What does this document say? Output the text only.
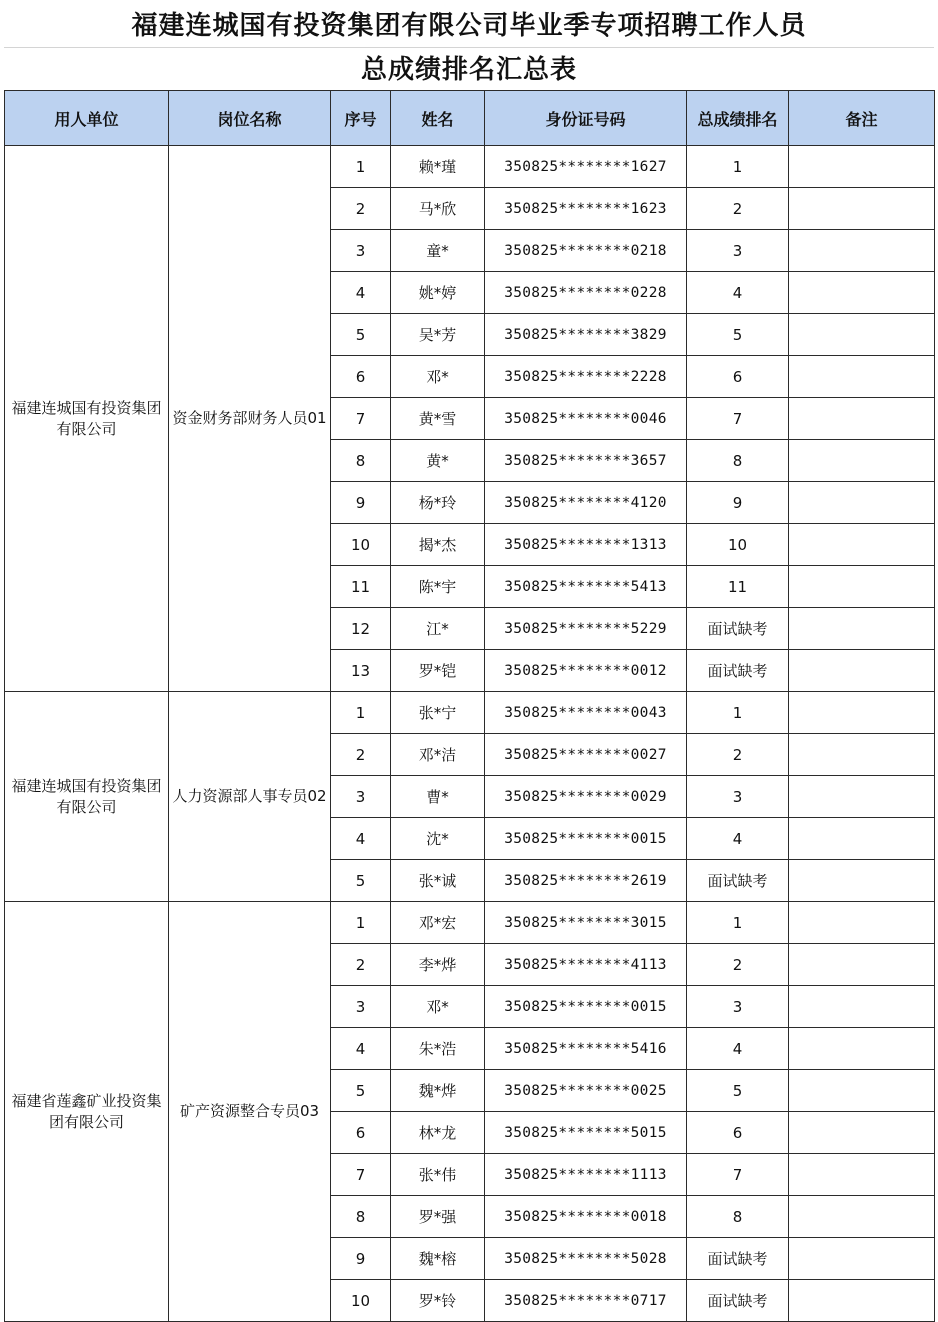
福建连城国有投资集团有限公司毕业季专项招聘工作人员
总成绩排名汇总表
用人单位	岗位名称	序号	姓名	身份证号码	总成绩排名	备注
福建连城国有投资集团有限公司	资金财务部财务人员01	1	赖*瑾	350825********1627	1	
		2	马*欣	350825********1623	2	
		3	童*	350825********0218	3	
		4	姚*婷	350825********0228	4	
		5	吴*芳	350825********3829	5	
		6	邓*	350825********2228	6	
		7	黄*雪	350825********0046	7	
		8	黄*	350825********3657	8	
		9	杨*玲	350825********4120	9	
		10	揭*杰	350825********1313	10	
		11	陈*宇	350825********5413	11	
		12	江*	350825********5229	面试缺考	
		13	罗*铠	350825********0012	面试缺考	
福建连城国有投资集团有限公司	人力资源部人事专员02	1	张*宁	350825********0043	1	
		2	邓*洁	350825********0027	2	
		3	曹*	350825********0029	3	
		4	沈*	350825********0015	4	
		5	张*诚	350825********2619	面试缺考	
福建省莲鑫矿业投资集团有限公司	矿产资源整合专员03	1	邓*宏	350825********3015	1	
		2	李*烨	350825********4113	2	
		3	邓*	350825********0015	3	
		4	朱*浩	350825********5416	4	
		5	魏*烨	350825********0025	5	
		6	林*龙	350825********5015	6	
		7	张*伟	350825********1113	7	
		8	罗*强	350825********0018	8	
		9	魏*榕	350825********5028	面试缺考	
		10	罗*铃	350825********0717	面试缺考	
